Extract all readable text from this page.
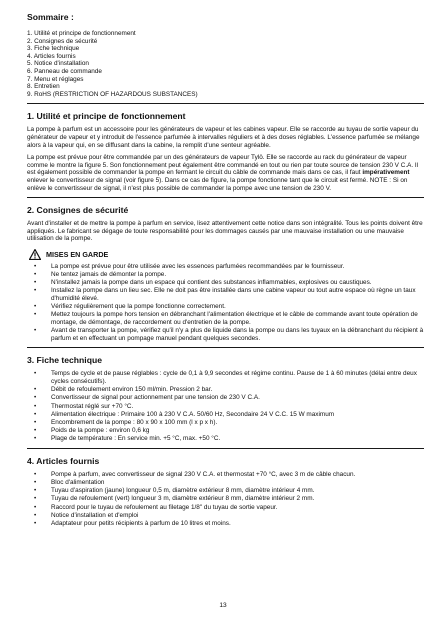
Sommaire :
1. Utilité et principe de fonctionnement
2. Consignes de sécurité
3. Fiche technique
4. Articles fournis
5. Notice d'installation
6. Panneau de commande
7. Menu et réglages
8. Entretien
9. RoHS (RESTRICTION OF HAZARDOUS SUBSTANCES)
1. Utilité et principe de fonctionnement

La pompe à parfum est un accessoire pour les générateurs de vapeur et les cabines vapeur. Elle se raccorde au tuyau de sortie vapeur du générateur de vapeur et y introduit de l'essence parfumée à intervalles réguliers et à des doses réglables. L'essence parfumée se mélange alors à la vapeur qui, en se diffusant dans la cabine, la remplit d'une senteur agréable.

La pompe est prévue pour être commandée par un des générateurs de vapeur Tylö. Elle se raccorde au rack du générateur de vapeur comme le montre la figure 5. Son fonctionnement peut également être commandé en tout ou rien par toute source de tension 230 V C.A. Il est également possible de commander la pompe en fermant le circuit du câble de commande mais dans ce cas, il faut impérativement enlever le convertisseur de signal (voir figure 5). Dans ce cas de figure, la pompe fonctionne tant que le circuit est fermé. NOTE : Si on enlève le convertisseur de signal, il n'est plus possible de commander la pompe avec une tension de 230 V.

2. Consignes de sécurité

Avant d'installer et de mettre la pompe à parfum en service, lisez attentivement cette notice dans son intégralité. Tous les points doivent être appliqués. Le fabricant se dégage de toute responsabilité pour les dommages causés par une mauvaise installation ou une mauvaise utilisation de la pompe.

MISES EN GARDE
• La pompe est prévue pour être utilisée avec les essences parfumées recommandées par le fournisseur.
• Ne tentez jamais de démonter la pompe.
• N'installez jamais la pompe dans un espace qui contient des substances inflammables, explosives ou caustiques.
• Installez la pompe dans un lieu sec. Elle ne doit pas être installée dans une cabine vapeur ou tout autre espace où règne un taux d'humidité élevé.
• Vérifiez régulièrement que la pompe fonctionne correctement.
• Mettez toujours la pompe hors tension en débranchant l'alimentation électrique et le câble de commande avant toute opération de montage, de démontage, de raccordement ou d'entretien de la pompe.
• Avant de transporter la pompe, vérifiez qu'il n'y a plus de liquide dans la pompe ou dans les tuyaux en la débranchant du récipient à parfum et en effectuant un pompage manuel pendant quelques secondes.
3. Fiche technique
• Temps de cycle et de pause réglables : cycle de 0,1 à 9,9 secondes et régime continu. Pause de 1 à 60 minutes (délai entre deux cycles consécutifs).
• Débit de refoulement environ 150 ml/min. Pression 2 bar.
• Convertisseur de signal pour actionnement par une tension de 230 V C.A.
• Thermostat réglé sur +70 °C.
• Alimentation électrique : Primaire 100 à 230 V C.A. 50/60 Hz, Secondaire 24 V C.C. 15 W maximum
• Encombrement de la pompe : 80 x 90 x 100 mm (l x p x h).
• Poids de la pompe : environ 0,6 kg
• Plage de température : En service min. +5 °C, max. +50 °C.
4. Articles fournis
• Pompe à parfum, avec convertisseur de signal 230 V C.A. et thermostat +70 °C, avec 3 m de câble chacun.
• Bloc d'alimentation
• Tuyau d'aspiration (jaune) longueur 0,5 m, diamètre extérieur 8 mm, diamètre intérieur 4 mm.
• Tuyau de refoulement (vert) longueur 3 m, diamètre extérieur 8 mm, diamètre intérieur 2 mm.
• Raccord pour le tuyau de refoulement au filetage 1/8" du tuyau de sortie vapeur.
• Notice d'installation et d'emploi
• Adaptateur pour petits récipients à parfum de 10 litres et moins.
13
